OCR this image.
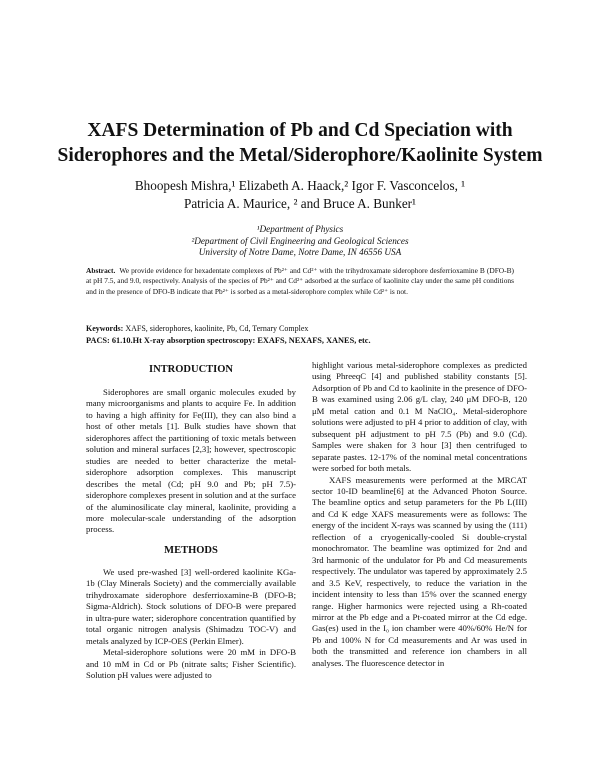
XAFS Determination of Pb and Cd Speciation with
Siderophores and the Metal/Siderophore/Kaolinite System
Bhoopesh Mishra,¹ Elizabeth A. Haack,² Igor F. Vasconcelos, ¹
Patricia A. Maurice, ² and Bruce A. Bunker¹
¹Department of Physics
²Department of Civil Engineering and Geological Sciences
University of Notre Dame, Notre Dame, IN 46556 USA
Abstract. We provide evidence for hexadentate complexes of Pb²⁺ and Cd²⁺ with the trihydroxamate siderophore desferrioxamine B (DFO-B) at pH 7.5, and 9.0, respectively. Analysis of the species of Pb²⁺ and Cd²⁺ adsorbed at the surface of kaolinite clay under the same pH conditions and in the presence of DFO-B indicate that Pb²⁺ is sorbed as a metal-siderophore complex while Cd²⁺ is not.
Keywords: XAFS, siderophores, kaolinite, Pb, Cd, Ternary Complex
PACS: 61.10.Ht X-ray absorption spectroscopy: EXAFS, NEXAFS, XANES, etc.
INTRODUCTION

Siderophores are small organic molecules exuded by many microorganisms and plants to acquire Fe. In addition to having a high affinity for Fe(III), they can also bind a host of other metals [1]. Bulk studies have shown that siderophores affect the partitioning of toxic metals between solution and mineral surfaces [2,3]; however, spectroscopic studies are needed to better characterize the metal-siderophore adsorption complexes. This manuscript describes the metal (Cd; pH 9.0 and Pb; pH 7.5)-siderophore complexes present in solution and at the surface of the aluminosilicate clay mineral, kaolinite, providing a more molecular-scale understanding of the adsorption process.

METHODS

We used pre-washed [3] well-ordered kaolinite KGa-1b (Clay Minerals Society) and the commercially available trihydroxamate siderophore desferrioxamine-B (DFO-B; Sigma-Aldrich). Stock solutions of DFO-B were prepared in ultra-pure water; siderophore concentration quantified by total organic nitrogen analysis (Shimadzu TOC-V) and metals analyzed by ICP-OES (Perkin Elmer).

Metal-siderophore solutions were 20 mM in DFO-B and 10 mM in Cd or Pb (nitrate salts; Fisher Scientific). Solution pH values were adjusted to

highlight various metal-siderophore complexes as predicted using PhreeqC [4] and published stability constants [5]. Adsorption of Pb and Cd to kaolinite in the presence of DFO-B was examined using 2.06 g/L clay, 240 μM DFO-B, 120 μM metal cation and 0.1 M NaClO₄. Metal-siderophore solutions were adjusted to pH 4 prior to addition of clay, with subsequent pH adjustment to pH 7.5 (Pb) and 9.0 (Cd). Samples were shaken for 3 hour [3] then centrifuged to separate pastes. 12-17% of the nominal metal concentrations were sorbed for both metals.

XAFS measurements were performed at the MRCAT sector 10-ID beamline[6] at the Advanced Photon Source. The beamline optics and setup parameters for the Pb L(III) and Cd K edge XAFS measurements were as follows: The energy of the incident X-rays was scanned by using the (111) reflection of a cryogenically-cooled Si double-crystal monochromator. The beamline was optimized for 2nd and 3rd harmonic of the undulator for Pb and Cd measurements respectively. The undulator was tapered by approximately 2.5 and 3.5 KeV, respectively, to reduce the variation in the incident intensity to less than 15% over the scanned energy range. Higher harmonics were rejected using a Rh-coated mirror at the Pb edge and a Pt-coated mirror at the Cd edge. Gas(es) used in the I₀ ion chamber were 40%/60% He/N for Pb and 100% N for Cd measurements and Ar was used in both the transmitted and reference ion chambers in all analyses. The fluorescence detector in
